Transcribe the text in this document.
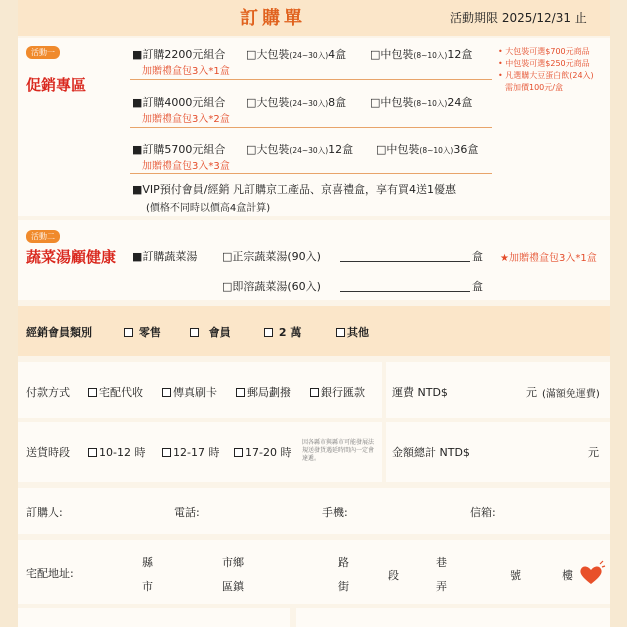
訂購單	活動期限 2025/12/31 止
活動一
促銷專區
■訂購2200元組合 □大包裝(24~30入)4盒 □中包裝(8~10入)12盒
加贈禮盒包3入*1盒
■訂購4000元組合 □大包裝(24~30入)8盒 □中包裝(8~10入)24盒
加贈禮盒包3入*2盒
■訂購5700元組合 □大包裝(24~30入)12盒 □中包裝(8~10入)36盒
加贈禮盒包3入*3盒
■VIP預付會員/經銷 凡訂購京工產品、京喜禮盒，享有買4送1優惠
(價格不同時以價高4盒計算)
• 大包裝可選$700元商品
• 中包裝可選$250元商品
• 凡選購大豆蛋白飲(24入)
需加價100元/盒
活動二
蔬菜湯顧健康 ■訂購蔬菜湯 □正宗蔬菜湯(90入)	盒 ★加贈禮盒包3入*1盒
□即溶蔬菜湯(60入)	盒
經銷會員類別	零售	會員	2 萬	其他
付款方式	宅配代收	傳真刷卡	郵局劃撥	銀行匯款 運費 NTD$	元 (滿額免運費)
送貨時段	10-12 時	12-17 時	17-20 時
因各縣市與縣市可能發展法規送發貨遇延時間內一定會達遞。	金額總計 NTD$	元
訂購人:	電話:	手機:	信箱:
宅配地址:
縣
市
市鄉
區鎮
路
街
段
巷
弄
號	樓
